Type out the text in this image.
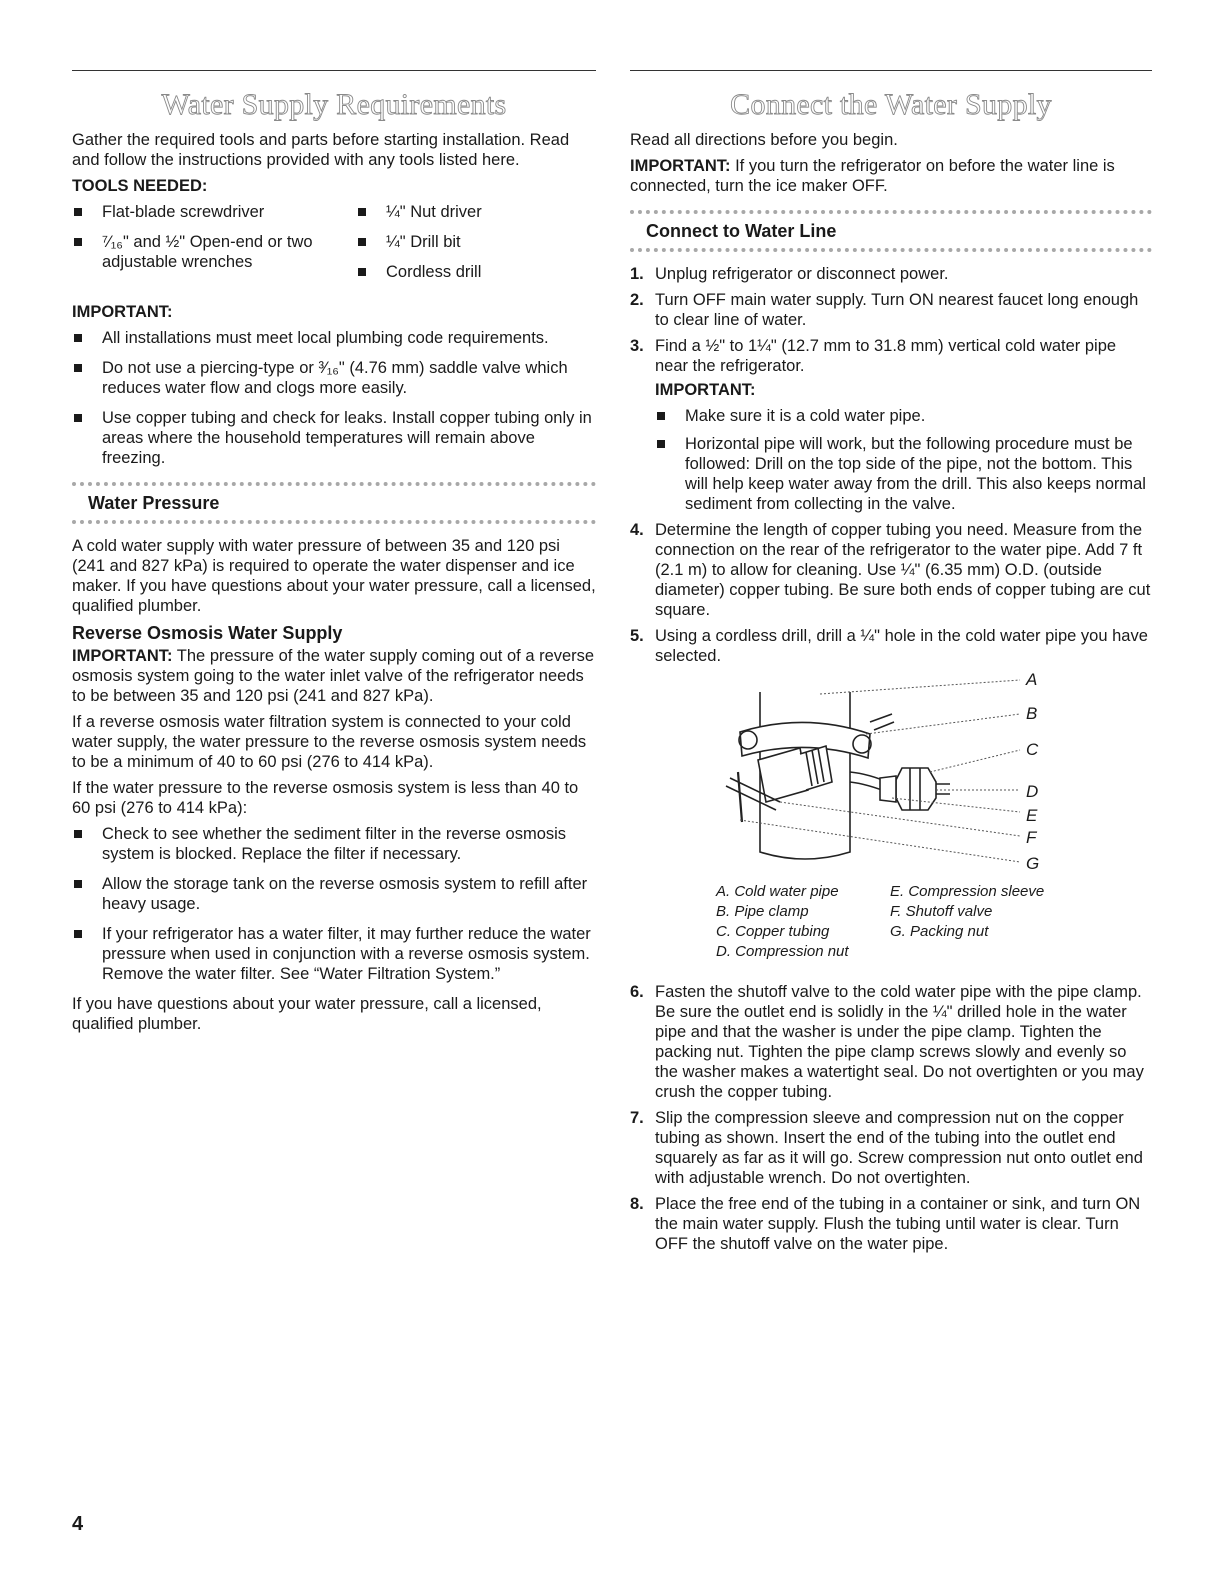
Water Supply Requirements

Gather the required tools and parts before starting installation. Read and follow the instructions provided with any tools listed here.

TOOLS NEEDED:
Flat-blade screwdriver
⁷⁄₁₆" and ½" Open-end or two adjustable wrenches
¼" Nut driver
¼" Drill bit
Cordless drill
IMPORTANT:
All installations must meet local plumbing code requirements.
Do not use a piercing-type or ³⁄₁₆" (4.76 mm) saddle valve which reduces water flow and clogs more easily.
Use copper tubing and check for leaks. Install copper tubing only in areas where the household temperatures will remain above freezing.
Water Pressure

A cold water supply with water pressure of between 35 and 120 psi (241 and 827 kPa) is required to operate the water dispenser and ice maker. If you have questions about your water pressure, call a licensed, qualified plumber.

Reverse Osmosis Water Supply

IMPORTANT: The pressure of the water supply coming out of a reverse osmosis system going to the water inlet valve of the refrigerator needs to be between 35 and 120 psi (241 and 827 kPa).

If a reverse osmosis water filtration system is connected to your cold water supply, the water pressure to the reverse osmosis system needs to be a minimum of 40 to 60 psi (276 to 414 kPa).

If the water pressure to the reverse osmosis system is less than 40 to 60 psi (276 to 414 kPa):

Check to see whether the sediment filter in the reverse osmosis system is blocked. Replace the filter if necessary.
Allow the storage tank on the reverse osmosis system to refill after heavy usage.
If your refrigerator has a water filter, it may further reduce the water pressure when used in conjunction with a reverse osmosis system. Remove the water filter. See “Water Filtration System.”

If you have questions about your water pressure, call a licensed, qualified plumber.

Connect the Water Supply

Read all directions before you begin.

IMPORTANT: If you turn the refrigerator on before the water line is connected, turn the ice maker OFF.

Connect to Water Line
1. Unplug refrigerator or disconnect power.
2. Turn OFF main water supply. Turn ON nearest faucet long enough to clear line of water.
3. Find a ½" to 1¼" (12.7 mm to 31.8 mm) vertical cold water pipe near the refrigerator.
IMPORTANT:
Make sure it is a cold water pipe.
Horizontal pipe will work, but the following procedure must be followed: Drill on the top side of the pipe, not the bottom. This will help keep water away from the drill. This also keeps normal sediment from collecting in the valve.
4. Determine the length of copper tubing you need. Measure from the connection on the rear of the refrigerator to the water pipe. Add 7 ft (2.1 m) to allow for cleaning. Use ¼" (6.35 mm) O.D. (outside diameter) copper tubing. Be sure both ends of copper tubing are cut square.
5. Using a cordless drill, drill a ¼" hole in the cold water pipe you have selected.
A
B
C
D
E
F
G
A. Cold water pipe
B. Pipe clamp
C. Copper tubing
D. Compression nut
E. Compression sleeve
F. Shutoff valve
G. Packing nut
6. Fasten the shutoff valve to the cold water pipe with the pipe clamp. Be sure the outlet end is solidly in the ¼" drilled hole in the water pipe and that the washer is under the pipe clamp. Tighten the packing nut. Tighten the pipe clamp screws slowly and evenly so the washer makes a watertight seal. Do not overtighten or you may crush the copper tubing.
7. Slip the compression sleeve and compression nut on the copper tubing as shown. Insert the end of the tubing into the outlet end squarely as far as it will go. Screw compression nut onto outlet end with adjustable wrench. Do not overtighten.
8. Place the free end of the tubing in a container or sink, and turn ON the main water supply. Flush the tubing until water is clear. Turn OFF the shutoff valve on the water pipe.
4
